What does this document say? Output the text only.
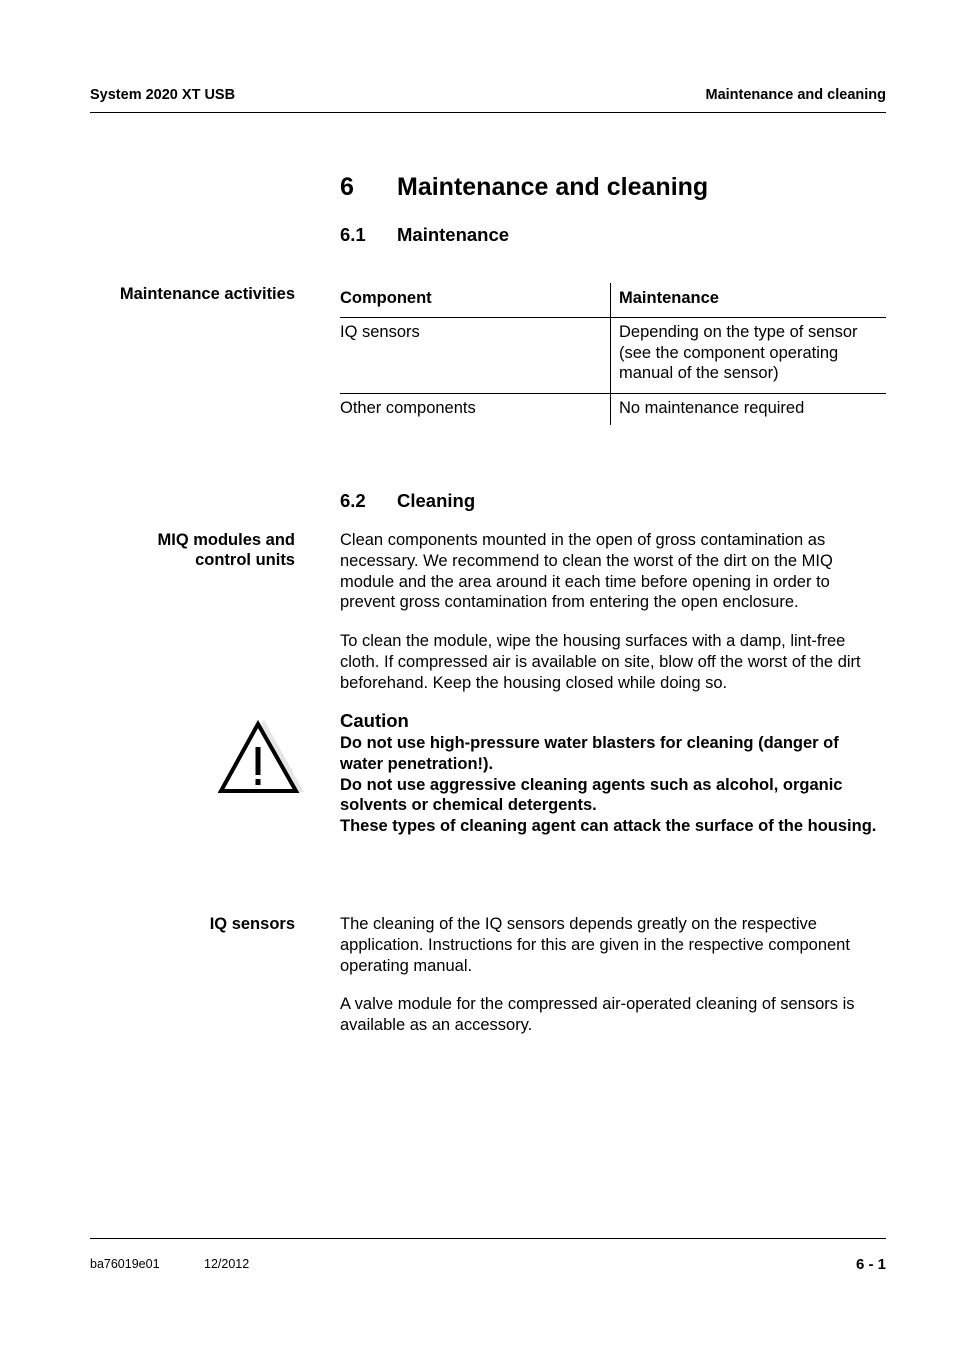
System 2020 XT USB	Maintenance and cleaning
6 Maintenance and cleaning
6.1 Maintenance
Maintenance activities	Component	Maintenance
IQ sensors	Depending on the type of sensor (see the component operating manual of the sensor)
Other components	No maintenance required
6.2 Cleaning
MIQ modules and
control units
Clean components mounted in the open of gross contamination as necessary. We recommend to clean the worst of the dirt on the MIQ module and the area around it each time before opening in order to prevent gross contamination from entering the open enclosure.
To clean the module, wipe the housing surfaces with a damp, lint-free cloth. If compressed air is available on site, blow off the worst of the dirt beforehand. Keep the housing closed while doing so.
Caution
Do not use high-pressure water blasters for cleaning (danger of water penetration!).
Do not use aggressive cleaning agents such as alcohol, organic solvents or chemical detergents.
These types of cleaning agent can attack the surface of the housing.
IQ sensors	The cleaning of the IQ sensors depends greatly on the respective application. Instructions for this are given in the respective component operating manual.
A valve module for the compressed air-operated cleaning of sensors is available as an accessory.
ba76019e01	12/2012	6 - 1
